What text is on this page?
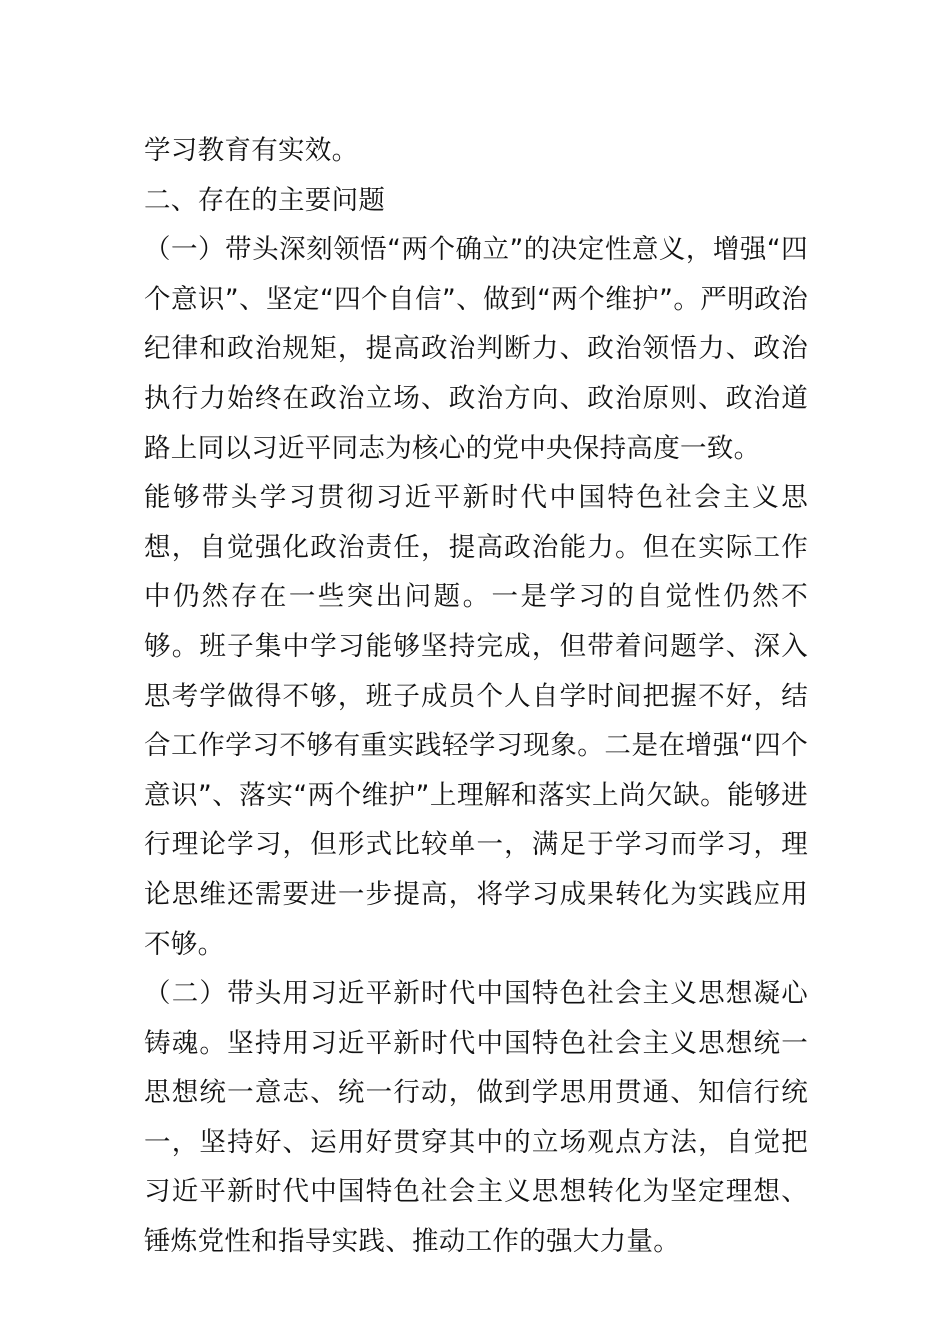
学习教育有实效。

二、存在的主要问题

（一）带头深刻领悟“两个确立”的决定性意义，增强“四个意识”、坚定“四个自信”、做到“两个维护”。严明政治纪律和政治规矩，提高政治判断力、政治领悟力、政治执行力始终在政治立场、政治方向、政治原则、政治道路上同以习近平同志为核心的党中央保持高度一致。

能够带头学习贯彻习近平新时代中国特色社会主义思想，自觉强化政治责任，提高政治能力。但在实际工作中仍然存在一些突出问题。一是学习的自觉性仍然不够。班子集中学习能够坚持完成，但带着问题学、深入思考学做得不够，班子成员个人自学时间把握不好，结合工作学习不够有重实践轻学习现象。二是在增强“四个意识”、落实“两个维护”上理解和落实上尚欠缺。能够进行理论学习，但形式比较单一，满足于学习而学习，理论思维还需要进一步提高，将学习成果转化为实践应用不够。

（二）带头用习近平新时代中国特色社会主义思想凝心铸魂。坚持用习近平新时代中国特色社会主义思想统一思想统一意志、统一行动，做到学思用贯通、知信行统一，坚持好、运用好贯穿其中的立场观点方法，自觉把习近平新时代中国特色社会主义思想转化为坚定理想、锤炼党性和指导实践、推动工作的强大力量。
